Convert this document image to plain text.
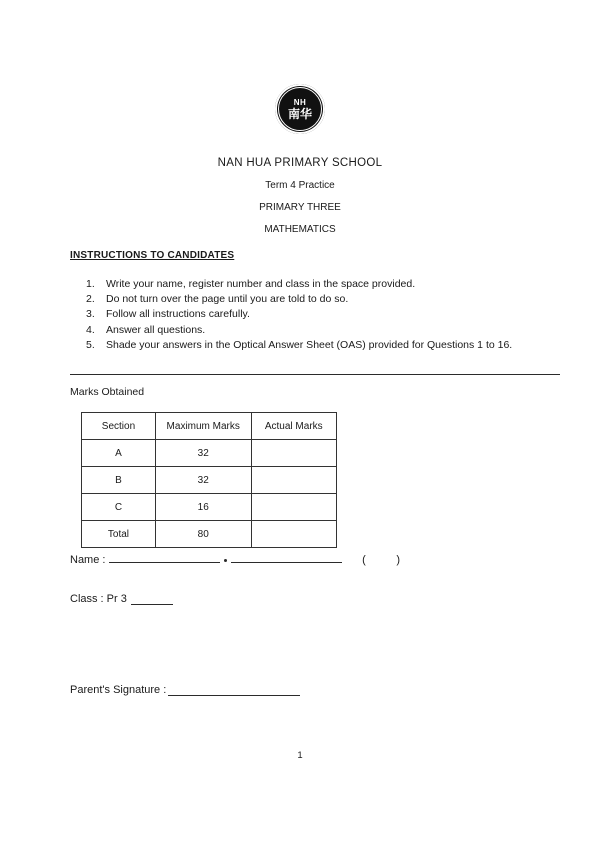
NH
南华
NAN HUA PRIMARY SCHOOL
Term 4 Practice
PRIMARY THREE
MATHEMATICS
INSTRUCTIONS TO CANDIDATES
1.	Write your name, register number and class in the space provided.
2.	Do not turn over the page until you are told to do so.
3.	Follow all instructions carefully.
4.	Answer all questions.
5.	Shade your answers in the Optical Answer Sheet (OAS) provided for Questions 1 to 16.
Marks Obtained
Section	Maximum Marks	Actual Marks
A	32	
B	32	
C	16	
Total	80	
Name :	(          )
Class : Pr 3
Parent's Signature :
1
